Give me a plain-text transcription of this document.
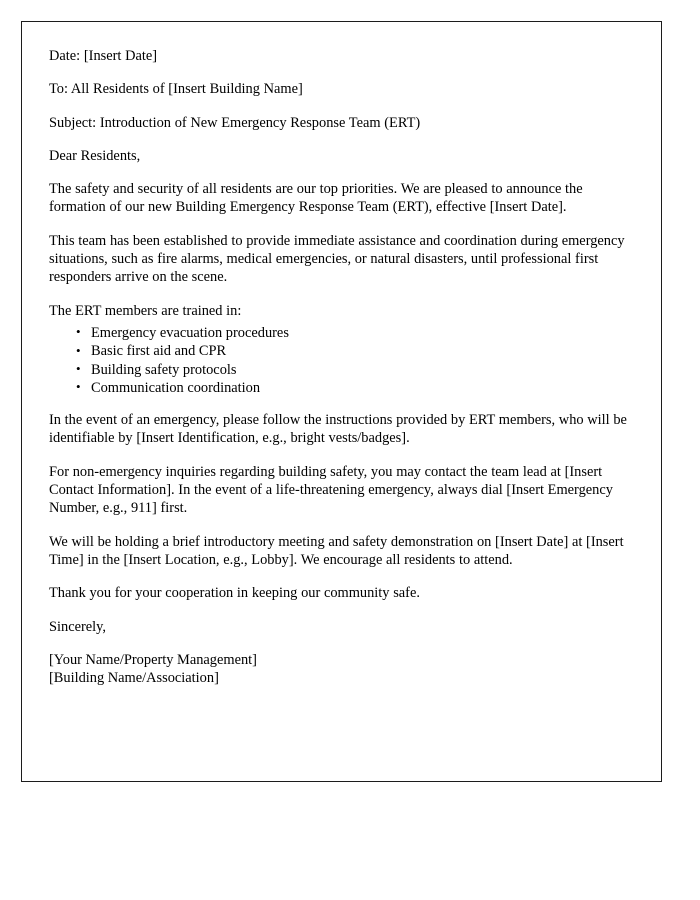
Date: [Insert Date]

To: All Residents of [Insert Building Name]

Subject: Introduction of New Emergency Response Team (ERT)

Dear Residents,

The safety and security of all residents are our top priorities. We are pleased to announce the formation of our new Building Emergency Response Team (ERT), effective [Insert Date].

This team has been established to provide immediate assistance and coordination during emergency situations, such as fire alarms, medical emergencies, or natural disasters, until professional first responders arrive on the scene.

The ERT members are trained in:

• Emergency evacuation procedures
• Basic first aid and CPR
• Building safety protocols
• Communication coordination

In the event of an emergency, please follow the instructions provided by ERT members, who will be identifiable by [Insert Identification, e.g., bright vests/badges].

For non-emergency inquiries regarding building safety, you may contact the team lead at [Insert Contact Information]. In the event of a life-threatening emergency, always dial [Insert Emergency Number, e.g., 911] first.

We will be holding a brief introductory meeting and safety demonstration on [Insert Date] at [Insert Time] in the [Insert Location, e.g., Lobby]. We encourage all residents to attend.

Thank you for your cooperation in keeping our community safe.

Sincerely,

[Your Name/Property Management]

[Building Name/Association]
